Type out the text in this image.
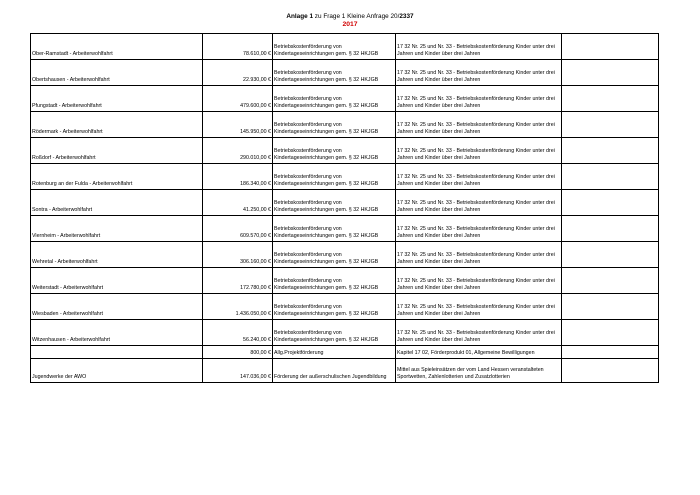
Anlage 1 zu Frage 1 Kleine Anfrage 20/2337
2017
Ober-Ramstadt - Arbeiterwohlfahrt	78.610,00 €	Betriebskostenförderung von Kindertageseinrichtungen gem. § 32 HKJGB	17 32 Nr. 25 und Nr. 33 - Betriebskostenförderung Kinder unter drei Jahren und Kinder über drei Jahren	
Obertshausen - Arbeiterwohlfahrt	22.930,00 €	Betriebskostenförderung von Kindertageseinrichtungen gem. § 32 HKJGB	17 32 Nr. 25 und Nr. 33 - Betriebskostenförderung Kinder unter drei Jahren und Kinder über drei Jahren	
Pfungstadt - Arbeiterwohlfahrt	479.600,00 €	Betriebskostenförderung von Kindertageseinrichtungen gem. § 32 HKJGB	17 32 Nr. 25 und Nr. 33 - Betriebskostenförderung Kinder unter drei Jahren und Kinder über drei Jahren	
Rödermark - Arbeiterwohlfahrt	145.950,00 €	Betriebskostenförderung von Kindertageseinrichtungen gem. § 32 HKJGB	17 32 Nr. 25 und Nr. 33 - Betriebskostenförderung Kinder unter drei Jahren und Kinder über drei Jahren	
Roßdorf - Arbeiterwohlfahrt	290.010,00 €	Betriebskostenförderung von Kindertageseinrichtungen gem. § 32 HKJGB	17 32 Nr. 25 und Nr. 33 - Betriebskostenförderung Kinder unter drei Jahren und Kinder über drei Jahren	
Rotenburg an der Fulda - Arbeiterwohlfahrt	186.340,00 €	Betriebskostenförderung von Kindertageseinrichtungen gem. § 32 HKJGB	17 32 Nr. 25 und Nr. 33 - Betriebskostenförderung Kinder unter drei Jahren und Kinder über drei Jahren	
Sontra - Arbeiterwohlfahrt	41.250,00 €	Betriebskostenförderung von Kindertageseinrichtungen gem. § 32 HKJGB	17 32 Nr. 25 und Nr. 33 - Betriebskostenförderung Kinder unter drei Jahren und Kinder über drei Jahren	
Viernheim - Arbeiterwohlfahrt	609.570,00 €	Betriebskostenförderung von Kindertageseinrichtungen gem. § 32 HKJGB	17 32 Nr. 25 und Nr. 33 - Betriebskostenförderung Kinder unter drei Jahren und Kinder über drei Jahren	
Wehretal - Arbeiterwohlfahrt	306.160,00 €	Betriebskostenförderung von Kindertageseinrichtungen gem. § 32 HKJGB	17 32 Nr. 25 und Nr. 33 - Betriebskostenförderung Kinder unter drei Jahren und Kinder über drei Jahren	
Weiterstadt - Arbeiterwohlfahrt	172.780,00 €	Betriebskostenförderung von Kindertageseinrichtungen gem. § 32 HKJGB	17 32 Nr. 25 und Nr. 33 - Betriebskostenförderung Kinder unter drei Jahren und Kinder über drei Jahren	
Wiesbaden - Arbeiterwohlfahrt	1.436.050,00 €	Betriebskostenförderung von Kindertageseinrichtungen gem. § 32 HKJGB	17 32 Nr. 25 und Nr. 33 - Betriebskostenförderung Kinder unter drei Jahren und Kinder über drei Jahren	
Witzenhausen - Arbeiterwohlfahrt	56.240,00 €	Betriebskostenförderung von Kindertageseinrichtungen gem. § 32 HKJGB	17 32 Nr. 25 und Nr. 33 - Betriebskostenförderung Kinder unter drei Jahren und Kinder über drei Jahren	
	800,00 €	Allg.Projektförderung	Kapitel 17 02, Förderprodukt 01, Allgemeine Bewilligungen	
Jugendwerke der AWO	147.036,00 €	Förderung der außerschulischen Jugendbildung	Mittel aus Spieleinsätzen der vom Land Hessen veranstalteten Sportwetten, Zahlenlotterien und Zusatzlotterien	
